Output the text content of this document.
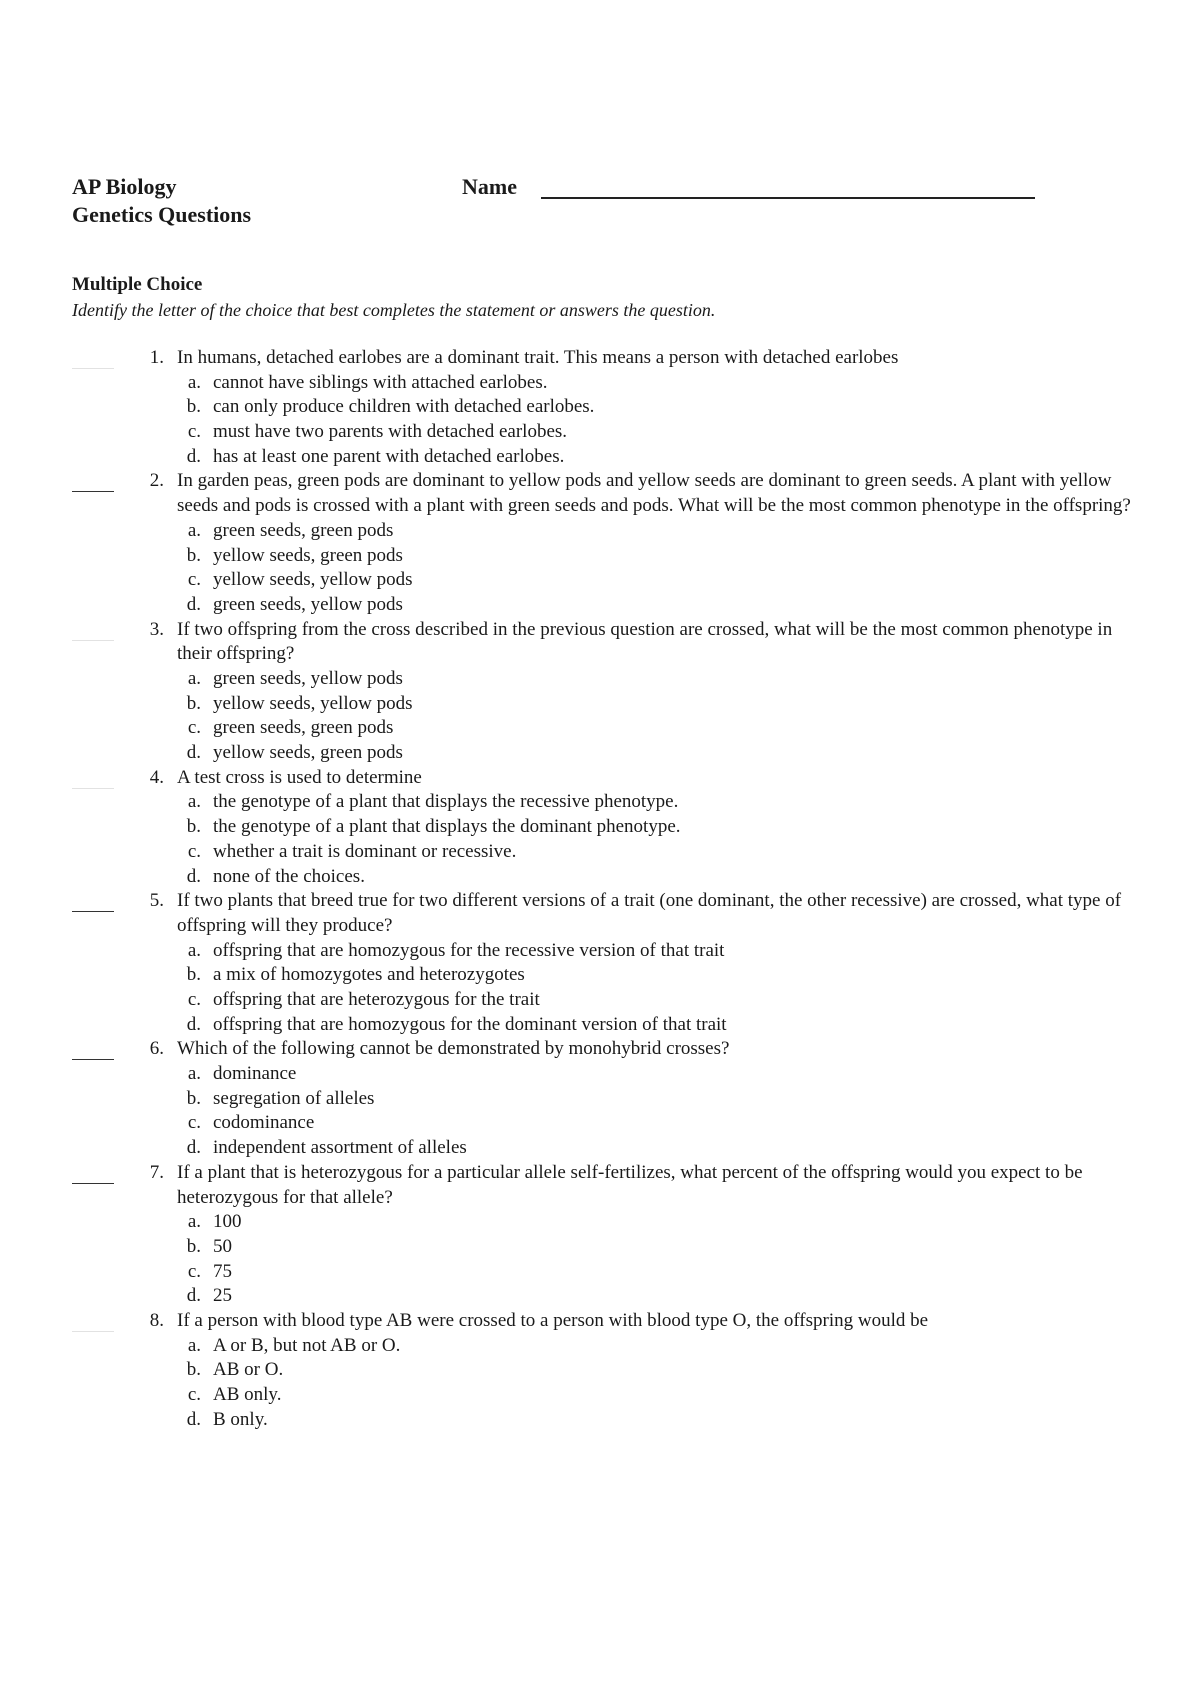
AP Biology
Genetics Questions
Name
Multiple Choice
Identify the letter of the choice that best completes the statement or answers the question.
1. In humans, detached earlobes are a dominant trait. This means a person with detached earlobes
a. cannot have siblings with attached earlobes.
b. can only produce children with detached earlobes.
c. must have two parents with detached earlobes.
d. has at least one parent with detached earlobes.
2. In garden peas, green pods are dominant to yellow pods and yellow seeds are dominant to green seeds. A plant with yellow seeds and pods is crossed with a plant with green seeds and pods. What will be the most common phenotype in the offspring?
a. green seeds, green pods
b. yellow seeds, green pods
c. yellow seeds, yellow pods
d. green seeds, yellow pods
3. If two offspring from the cross described in the previous question are crossed, what will be the most common phenotype in their offspring?
a. green seeds, yellow pods
b. yellow seeds, yellow pods
c. green seeds, green pods
d. yellow seeds, green pods
4. A test cross is used to determine
a. the genotype of a plant that displays the recessive phenotype.
b. the genotype of a plant that displays the dominant phenotype.
c. whether a trait is dominant or recessive.
d. none of the choices.
5. If two plants that breed true for two different versions of a trait (one dominant, the other recessive) are crossed, what type of offspring will they produce?
a. offspring that are homozygous for the recessive version of that trait
b. a mix of homozygotes and heterozygotes
c. offspring that are heterozygous for the trait
d. offspring that are homozygous for the dominant version of that trait
6. Which of the following cannot be demonstrated by monohybrid crosses?
a. dominance
b. segregation of alleles
c. codominance
d. independent assortment of alleles
7. If a plant that is heterozygous for a particular allele self-fertilizes, what percent of the offspring would you expect to be heterozygous for that allele?
a. 100
b. 50
c. 75
d. 25
8. If a person with blood type AB were crossed to a person with blood type O, the offspring would be
a. A or B, but not AB or O.
b. AB or O.
c. AB only.
d. B only.
